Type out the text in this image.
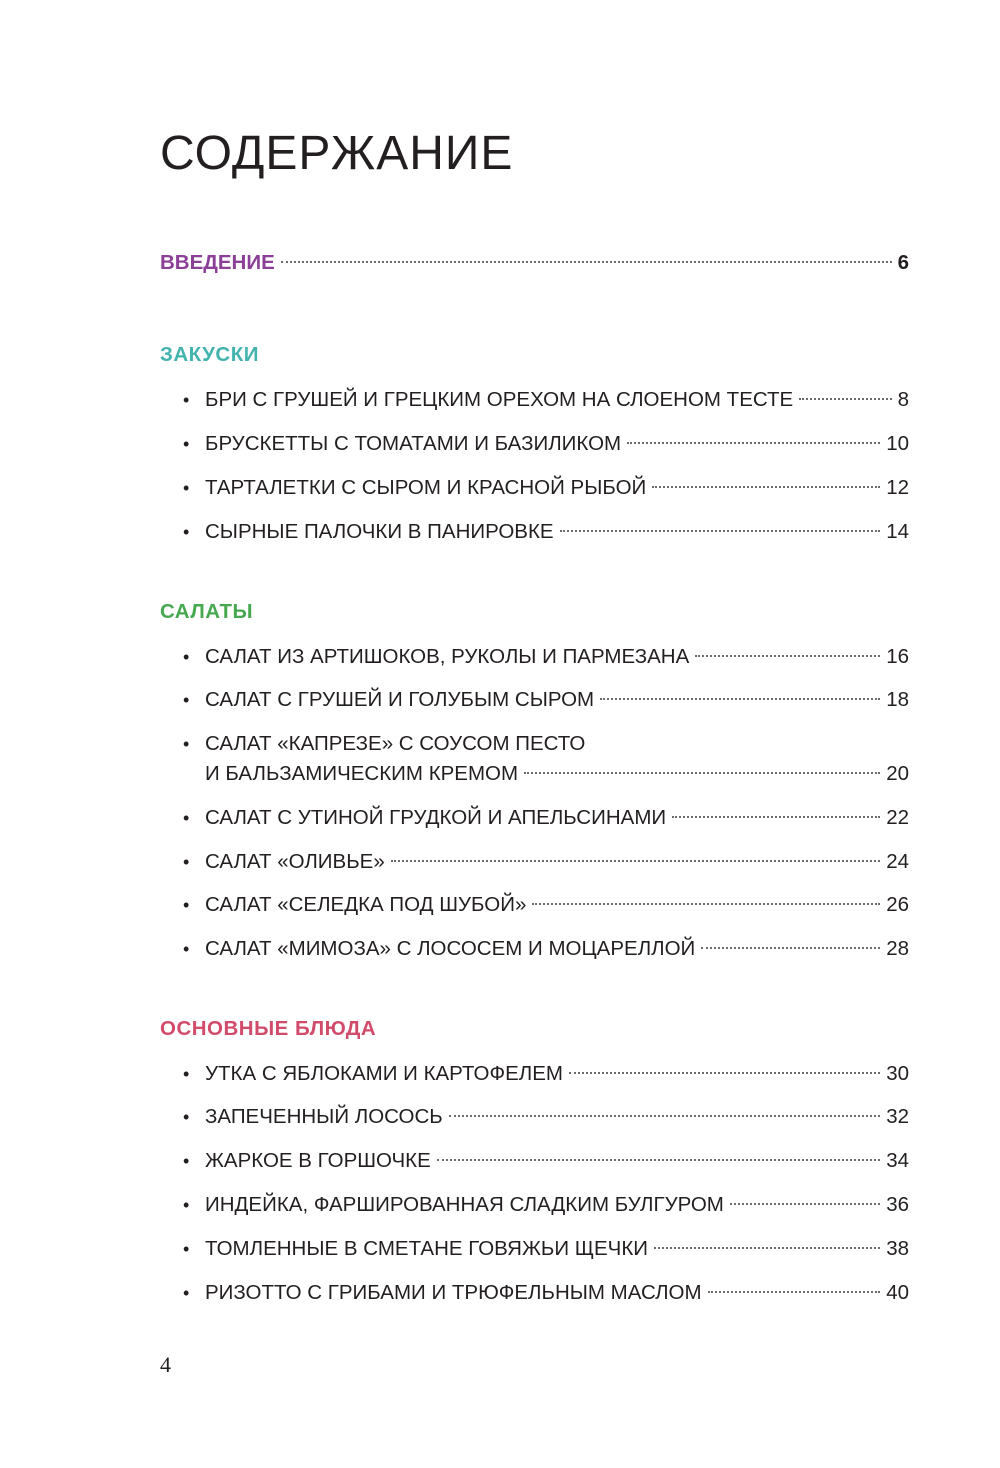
СОДЕРЖАНИЕ
ВВЕДЕНИЕ	6
ЗАКУСКИ
• БРИ С ГРУШЕЙ И ГРЕЦКИМ ОРЕХОМ НА СЛОЕНОМ ТЕСТЕ	8
• БРУСКЕТТЫ С ТОМАТАМИ И БАЗИЛИКОМ	10
• ТАРТАЛЕТКИ С СЫРОМ И КРАСНОЙ РЫБОЙ	12
• СЫРНЫЕ ПАЛОЧКИ В ПАНИРОВКЕ	14
САЛАТЫ
• САЛАТ ИЗ АРТИШОКОВ, РУКОЛЫ И ПАРМЕЗАНА	16
• САЛАТ С ГРУШЕЙ И ГОЛУБЫМ СЫРОМ	18
• САЛАТ «КАПРЕЗЕ» С СОУСОМ ПЕСТО
И БАЛЬЗАМИЧЕСКИМ КРЕМОМ	20
• САЛАТ С УТИНОЙ ГРУДКОЙ И АПЕЛЬСИНАМИ	22
• САЛАТ «ОЛИВЬЕ»	24
• САЛАТ «СЕЛЕДКА ПОД ШУБОЙ»	26
• САЛАТ «МИМОЗА» С ЛОСОСЕМ И МОЦАРЕЛЛОЙ	28
ОСНОВНЫЕ БЛЮДА
• УТКА С ЯБЛОКАМИ И КАРТОФЕЛЕМ	30
• ЗАПЕЧЕННЫЙ ЛОСОСЬ	32
• ЖАРКОЕ В ГОРШОЧКЕ	34
• ИНДЕЙКА, ФАРШИРОВАННАЯ СЛАДКИМ БУЛГУРОМ	36
• ТОМЛЕННЫЕ В СМЕТАНЕ ГОВЯЖЬИ ЩЕЧКИ	38
• РИЗОТТО С ГРИБАМИ И ТРЮФЕЛЬНЫМ МАСЛОМ	40
4
